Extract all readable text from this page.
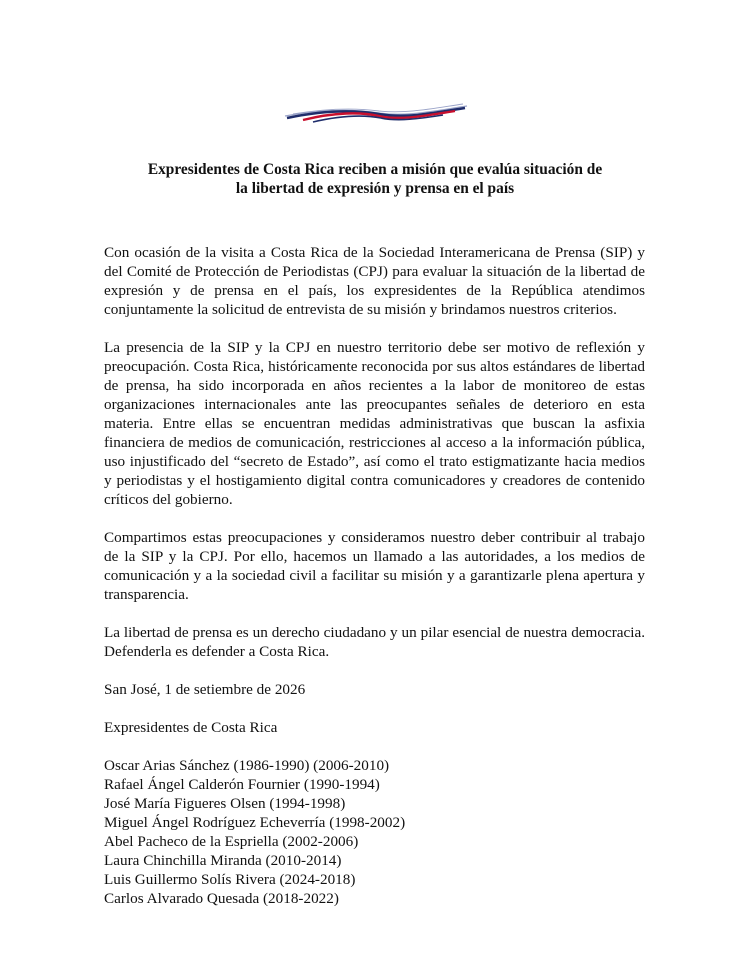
Expresidentes de Costa Rica reciben a misión que evalúa situación de
la libertad de expresión y prensa en el país

Con ocasión de la visita a Costa Rica de la Sociedad Interamericana de Prensa (SIP) y del Comité de Protección de Periodistas (CPJ) para evaluar la situación de la libertad de expresión y de prensa en el país, los expresidentes de la República atendimos conjuntamente la solicitud de entrevista de su misión y brindamos nuestros criterios.

La presencia de la SIP y la CPJ en nuestro territorio debe ser motivo de reflexión y preocupación. Costa Rica, históricamente reconocida por sus altos estándares de libertad de prensa, ha sido incorporada en años recientes a la labor de monitoreo de estas organizaciones internacionales ante las preocupantes señales de deterioro en esta materia. Entre ellas se encuentran medidas administrativas que buscan la asfixia financiera de medios de comunicación, restricciones al acceso a la información pública, uso injustificado del “secreto de Estado”, así como el trato estigmatizante hacia medios y periodistas y el hostigamiento digital contra comunicadores y creadores de contenido críticos del gobierno.

Compartimos estas preocupaciones y consideramos nuestro deber contribuir al trabajo de la SIP y la CPJ. Por ello, hacemos un llamado a las autoridades, a los medios de comunicación y a la sociedad civil a facilitar su misión y a garantizarle plena apertura y transparencia.

La libertad de prensa es un derecho ciudadano y un pilar esencial de nuestra democracia. Defenderla es defender a Costa Rica.

San José, 1 de setiembre de 2026

Expresidentes de Costa Rica

Oscar Arias Sánchez (1986-1990) (2006-2010)
Rafael Ángel Calderón Fournier (1990-1994)
José María Figueres Olsen (1994-1998)
Miguel Ángel Rodríguez Echeverría (1998-2002)
Abel Pacheco de la Espriella (2002-2006)
Laura Chinchilla Miranda (2010-2014)
Luis Guillermo Solís Rivera (2024-2018)
Carlos Alvarado Quesada (2018-2022)
